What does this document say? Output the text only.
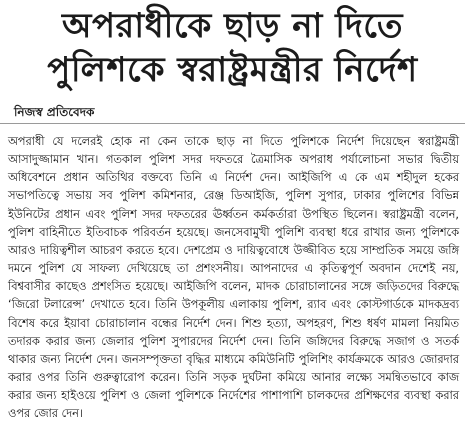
অপরাধীকে ছাড় না দিতে
পুলিশকে স্বরাষ্ট্রমন্ত্রীর নির্দেশ
নিজস্ব প্রতিবেদক

অপরাধী যে দলেরই হোক না কেন তাকে ছাড় না দিতে পুলিশকে নির্দেশ দিয়েছেন স্বরাষ্ট্রমন্ত্রী আসাদুজ্জামান খান। গতকাল পুলিশ সদর দফতরে ত্রৈমাসিক অপরাধ পর্যালোচনা সভার দ্বিতীয় অধিবেশনে প্রধান অতিথির বক্তব্যে তিনি এ নির্দেশ দেন। আইজিপি এ কে এম শহীদুল হকের সভাপতিত্বে সভায় সব পুলিশ কমিশনার, রেঞ্জ ডিআইজি, পুলিশ সুপার, ঢাকার পুলিশের বিভিন্ন ইউনিটের প্রধান এবং পুলিশ সদর দফতরের ঊর্ধ্বতন কর্মকর্তারা উপস্থিত ছিলেন। স্বরাষ্ট্রমন্ত্রী বলেন, পুলিশ বাহিনীতে ইতিবাচক পরিবর্তন হয়েছে। জনসেবামুখী পুলিশি ব্যবস্থা ধরে রাখার জন্য পুলিশকে আরও দায়িত্বশীল আচরণ করতে হবে। দেশপ্রেম ও দায়িত্ববোধে উজ্জীবিত হয়ে সাম্প্রতিক সময়ে জঙ্গি দমনে পুলিশ যে সাফল্য দেখিয়েছে তা প্রশংসনীয়। আপনাদের এ কৃতিত্বপূর্ণ অবদান দেশেই নয়, বিশ্ববাসীর কাছেও প্রশংসিত হয়েছে। আইজিপি বলেন, মাদক চোরাচালানের সঙ্গে জড়িতদের বিরুদ্ধে ‘জিরো টলারেন্স’ দেখাতে হবে। তিনি উপকূলীয় এলাকায় পুলিশ, র‍্যাব এবং কোস্টগার্ডকে মাদকদ্রব্য বিশেষ করে ইয়াবা চোরাচালান বন্ধের নির্দেশ দেন। শিশু হত্যা, অপহরণ, শিশু ধর্ষণ মামলা নিয়মিত তদারক করার জন্য জেলার পুলিশ সুপারদের নির্দেশ দেন। তিনি জঙ্গিদের বিরুদ্ধে সজাগ ও সতর্ক থাকার জন্য নির্দেশ দেন। জনসম্পৃক্ততা বৃদ্ধির মাধ্যমে কমিউনিটি পুলিশিং কার্যক্রমকে আরও জোরদার করার ওপর তিনি গুরুত্বারোপ করেন। তিনি সড়ক দুর্ঘটনা কমিয়ে আনার লক্ষ্যে সমন্বিতভাবে কাজ করার জন্য হাইওয়ে পুলিশ ও জেলা পুলিশকে নির্দেশের পাশাপাশি চালকদের প্রশিক্ষণের ব্যবস্থা করার ওপর জোর দেন।
